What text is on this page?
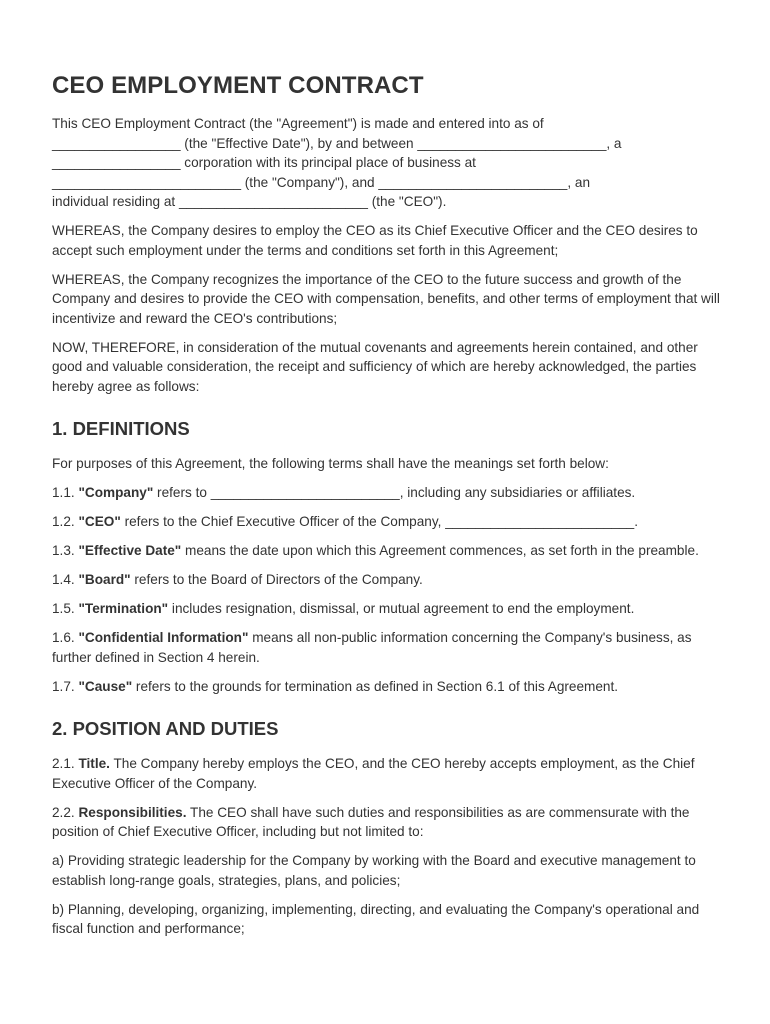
CEO EMPLOYMENT CONTRACT

This CEO Employment Contract (the "Agreement") is made and entered into as of
_________________ (the "Effective Date"), by and between _________________________, a
_________________ corporation with its principal place of business at
_________________________ (the "Company"), and _________________________, an
individual residing at _________________________ (the "CEO").

WHEREAS, the Company desires to employ the CEO as its Chief Executive Officer and the CEO desires to accept such employment under the terms and conditions set forth in this Agreement;

WHEREAS, the Company recognizes the importance of the CEO to the future success and growth of the Company and desires to provide the CEO with compensation, benefits, and other terms of employment that will incentivize and reward the CEO's contributions;

NOW, THEREFORE, in consideration of the mutual covenants and agreements herein contained, and other good and valuable consideration, the receipt and sufficiency of which are hereby acknowledged, the parties hereby agree as follows:

1. DEFINITIONS

For purposes of this Agreement, the following terms shall have the meanings set forth below:

1.1. "Company" refers to _________________________, including any subsidiaries or affiliates.

1.2. "CEO" refers to the Chief Executive Officer of the Company, _________________________.

1.3. "Effective Date" means the date upon which this Agreement commences, as set forth in the preamble.

1.4. "Board" refers to the Board of Directors of the Company.

1.5. "Termination" includes resignation, dismissal, or mutual agreement to end the employment.

1.6. "Confidential Information" means all non-public information concerning the Company's business, as further defined in Section 4 herein.

1.7. "Cause" refers to the grounds for termination as defined in Section 6.1 of this Agreement.

2. POSITION AND DUTIES

2.1. Title. The Company hereby employs the CEO, and the CEO hereby accepts employment, as the Chief Executive Officer of the Company.

2.2. Responsibilities. The CEO shall have such duties and responsibilities as are commensurate with the position of Chief Executive Officer, including but not limited to:

a) Providing strategic leadership for the Company by working with the Board and executive management to establish long-range goals, strategies, plans, and policies;

b) Planning, developing, organizing, implementing, directing, and evaluating the Company's operational and fiscal function and performance;
